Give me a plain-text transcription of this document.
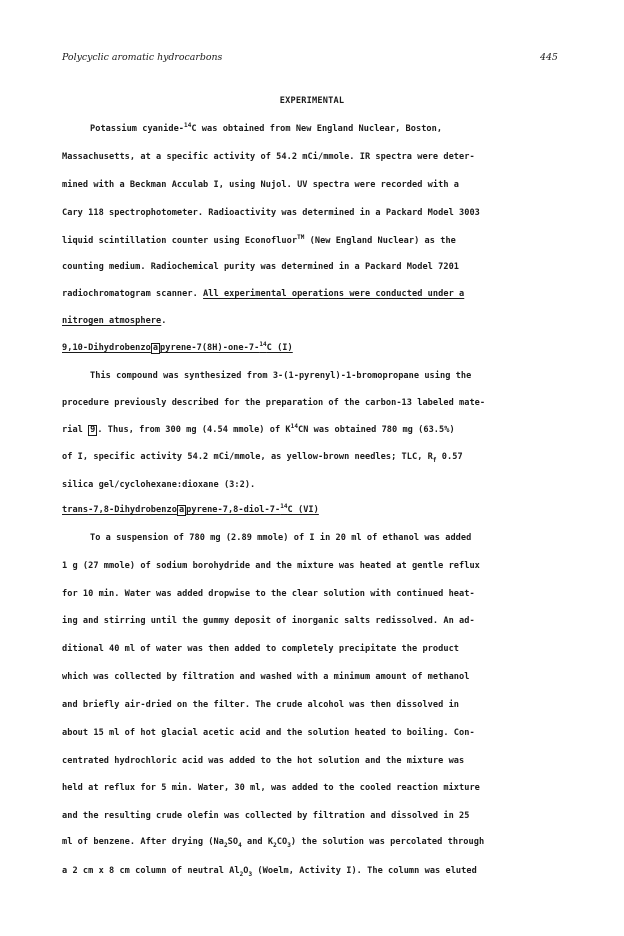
Polycyclic aromatic hydrocarbons	445
EXPERIMENTAL
Potassium cyanide-$^{14}$C was obtained from New England Nuclear, Boston,
Massachusetts, at a specific activity of 54.2 mCi/mmole. IR spectra were deter-
mined with a Beckman Acculab I, using Nujol. UV spectra were recorded with a
Cary 118 spectrophotometer. Radioactivity was determined in a Packard Model 3003
liquid scintillation counter using Econofluor™ (New England Nuclear) as the
counting medium. Radiochemical purity was determined in a Packard Model 7201
radiochromatogram scanner. All experimental operations were conducted under a
nitrogen atmosphere.
9,10-Dihydrobenzo a pyrene-7(8H)-one-7-$^{14}$C (I)
This compound was synthesized from 3-(1-pyrenyl)-1-bromopropane using the
procedure previously described for the preparation of the carbon-13 labeled mate-
rial 9 . Thus, from 300 mg (4.54 mmole) of $K^{14}CN$ was obtained 780 mg (63.5%)
of I, specific activity 54.2 mCi/mmole, as yellow-brown needles; TLC, $R_f$ 0.57
silica gel/cyclohexane:dioxane (3:2).
trans-7,8-Dihydrobenzo a pyrene-7,8-diol-7-$^{14}$C (VI)
To a suspension of 780 mg (2.89 mmole) of I in 20 ml of ethanol was added
1 g (27 mmole) of sodium borohydride and the mixture was heated at gentle reflux
for 10 min. Water was added dropwise to the clear solution with continued heat-
ing and stirring until the gummy deposit of inorganic salts redissolved. An ad-
ditional 40 ml of water was then added to completely precipitate the product
which was collected by filtration and washed with a minimum amount of methanol
and briefly air-dried on the filter. The crude alcohol was then dissolved in
about 15 ml of hot glacial acetic acid and the solution heated to boiling. Con-
centrated hydrochloric acid was added to the hot solution and the mixture was
held at reflux for 5 min. Water, 30 ml, was added to the cooled reaction mixture
and the resulting crude olefin was collected by filtration and dissolved in 25
ml of benzene. After drying ($Na_2SO_4$ and $K_2CO_3$) the solution was percolated through
a 2 cm x 8 cm column of neutral $Al_2O_3$ (Woelm, Activity I). The column was eluted
